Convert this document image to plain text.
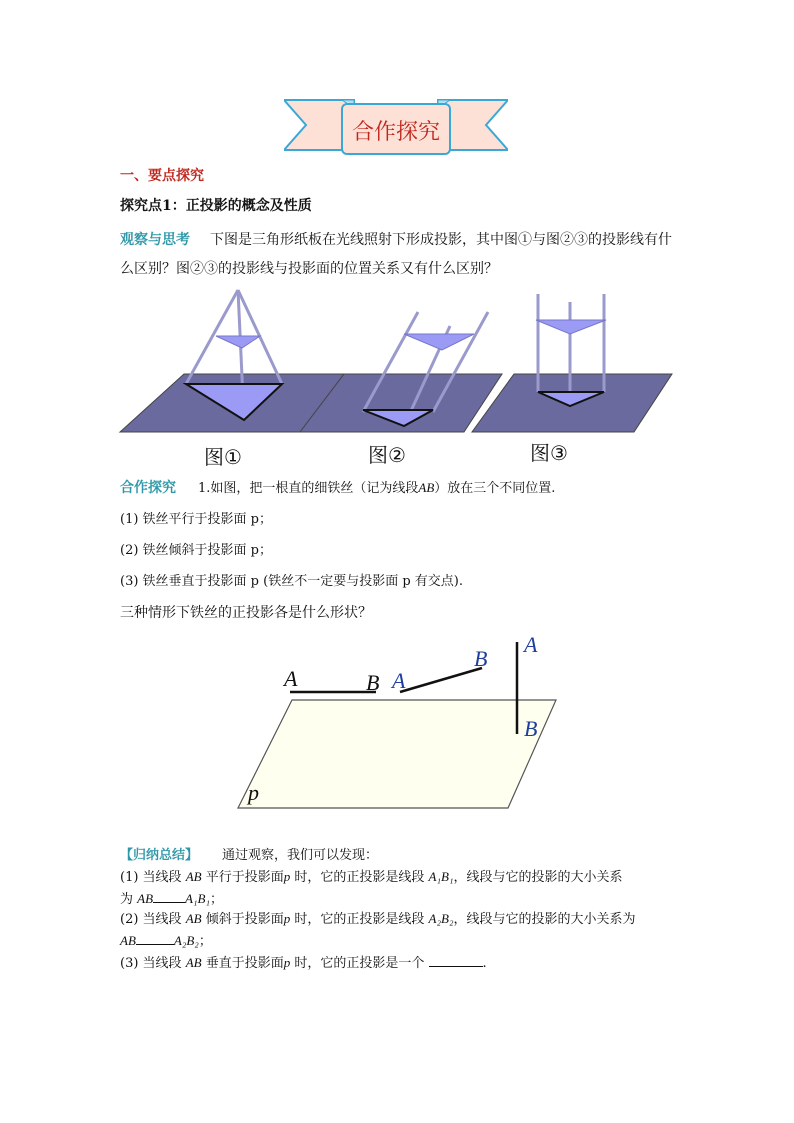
合作探究
一、要点探究
探究点1：正投影的概念及性质
观察与思考 下图是三角形纸板在光线照射下形成投影，其中图①与图②③的投影线有什
么区别？图②③的投影线与投影面的位置关系又有什么区别？
图①	图②	图③
合作探究 1.如图，把一根直的细铁丝（记为线段AB）放在三个不同位置.
(1) 铁丝平行于投影面 p；
(2) 铁丝倾斜于投影面 p；
(3) 铁丝垂直于投影面 p (铁丝不一定要与投影面 p 有交点).
三种情形下铁丝的正投影各是什么形状？
A	B A
B
A
B
p
【归纳总结】 通过观察，我们可以发现：
(1) 当线段 AB 平行于投影面p 时，它的正投影是线段 A₁B₁，线段与它的投影的大小关系
为 AB A₁B₁；
(2) 当线段 AB 倾斜于投影面p 时，它的正投影是线段 A₂B₂，线段与它的投影的大小关系为
AB	A₂B₂；
(3) 当线段 AB 垂直于投影面p 时，它的正投影是一个	.
